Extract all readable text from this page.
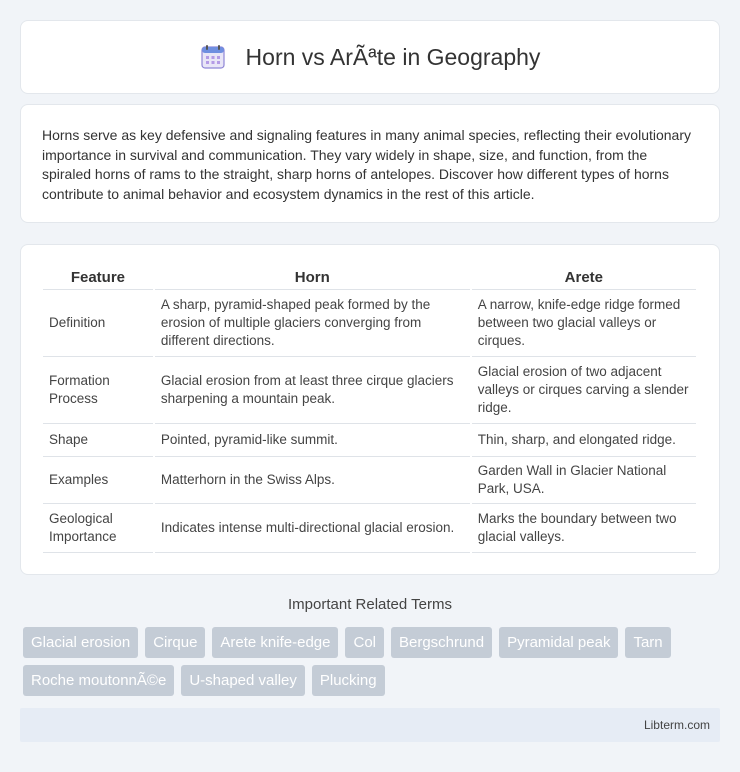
Horn vs ArÃªte in Geography

Horns serve as key defensive and signaling features in many animal species, reflecting their evolutionary importance in survival and communication. They vary widely in shape, size, and function, from the spiraled horns of rams to the straight, sharp horns of antelopes. Discover how different types of horns contribute to animal behavior and ecosystem dynamics in the rest of this article.

Feature	Horn	Arete
Definition	A sharp, pyramid-shaped peak formed by the erosion of multiple glaciers converging from different directions.	A narrow, knife-edge ridge formed between two glacial valleys or cirques.
Formation Process	Glacial erosion from at least three cirque glaciers sharpening a mountain peak.	Glacial erosion of two adjacent valleys or cirques carving a slender ridge.
Shape	Pointed, pyramid-like summit.	Thin, sharp, and elongated ridge.
Examples	Matterhorn in the Swiss Alps.	Garden Wall in Glacier National Park, USA.
Geological Importance	Indicates intense multi-directional glacial erosion.	Marks the boundary between two glacial valleys.
Important Related Terms
Glacial erosion	Cirque	Arete knife-edge	Col	Bergschrund	Pyramidal peak	Tarn
Roche moutonnÃ©e	U-shaped valley	Plucking
Libterm.com
